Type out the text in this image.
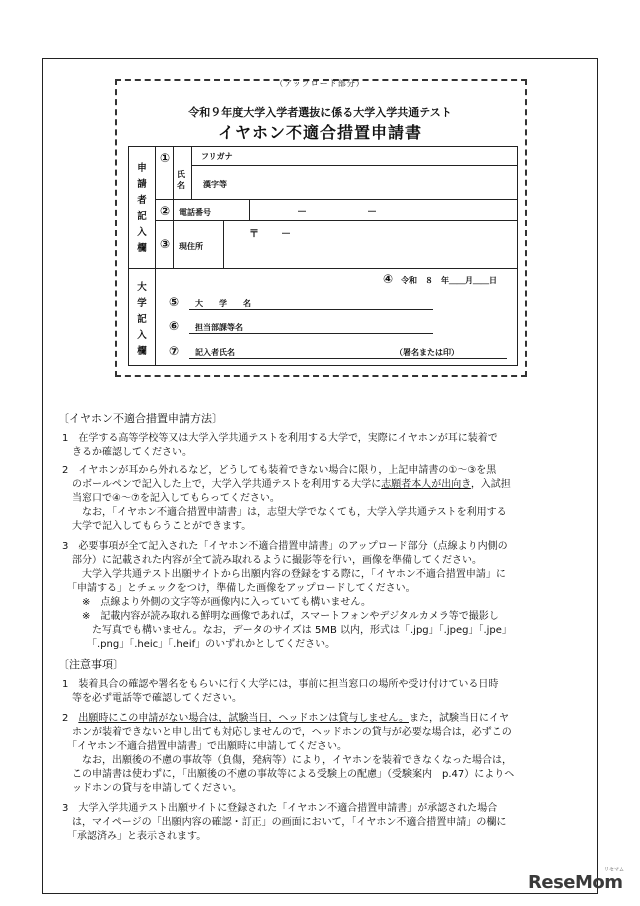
（アップロード部分）
令和９年度大学入学者選抜に係る大学入学共通テスト
イヤホン不適合措置申請書
申請者記入欄
大学記入欄
①
氏名
フリガナ
漢字等
② 電話番号	－	－
③ 現住所
〒 －
④ 令和　８　年＿＿月＿＿日
⑤ 大　　学　　名
⑥ 担当部課等名
⑦ 記入者氏名	（署名または印）
〔イヤホン不適合措置申請方法〕
1　在学する高等学校等又は大学入学共通テストを利用する大学で，実際にイヤホンが耳に装着で
　きるか確認してください。
2　イヤホンが耳から外れるなど，どうしても装着できない場合に限り，上記申請書の①～③を黒
　のボールペンで記入した上で，大学入学共通テストを利用する大学に志願者本人が出向き，入試担
　当窓口で④～⑦を記入してもらってください。
　　なお，「イヤホン不適合措置申請書」は，志望大学でなくても，大学入学共通テストを利用する
　大学で記入してもらうことができます。
3　必要事項が全て記入された「イヤホン不適合措置申請書」のアップロード部分（点線より内側の
　部分）に記載された内容が全て読み取れるように撮影等を行い，画像を準備してください。
　　大学入学共通テスト出願サイトから出願内容の登録をする際に，「イヤホン不適合措置申請」に
　「申請する」とチェックをつけ，準備した画像をアップロードしてください。
　　※　点線より外側の文字等が画像内に入っていても構いません。
　　※　記載内容が読み取れる鮮明な画像であれば，スマートフォンやデジタルカメラ等で撮影し
　　　た写真でも構いません。なお，データのサイズは 5MB 以内，形式は「.jpg」「.jpeg」「.jpe」
　　　「.png」「.heic」「.heif」のいずれかとしてください。
〔注意事項〕
1　装着具合の確認や署名をもらいに行く大学には，事前に担当窓口の場所や受け付けている日時
　等を必ず電話等で確認してください。
2　出願時にこの申請がない場合は，試験当日，ヘッドホンは貸与しません。また，試験当日にイヤ
　ホンが装着できないと申し出ても対応しませんので，ヘッドホンの貸与が必要な場合は，必ずこの
　「イヤホン不適合措置申請書」で出願時に申請してください。
　　なお，出願後の不慮の事故等（負傷，発病等）により，イヤホンを装着できなくなった場合は，
　この申請書は使わずに，「出願後の不慮の事故等による受験上の配慮」（受験案内　p.47）によりヘ
　ッドホンの貸与を申請してください。
3　大学入学共通テスト出願サイトに登録された「イヤホン不適合措置申請書」が承認された場合
　は，マイページの「出願内容の確認・訂正」の画面において，「イヤホン不適合措置申請」の欄に
　「承認済み」と表示されます。
リセマム
ReseMom
